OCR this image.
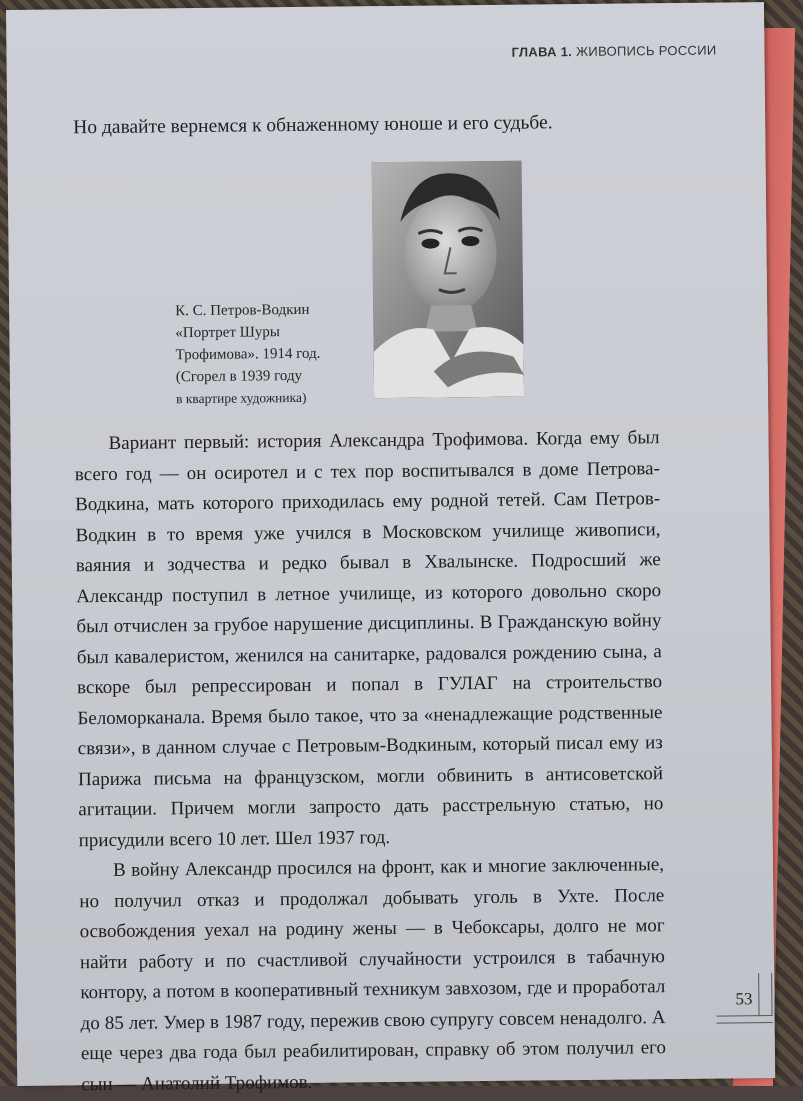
ГЛАВА 1. ЖИВОПИСЬ РОССИИ
Но давайте вернемся к обнаженному юноше и его судьбе.
К. С. Петров-Водкин
«Портрет Шуры
Трофимова». 1914 год.
(Сгорел в 1939 году
в квартире художника)

Вариант первый: история Александра Трофимова. Когда ему был всего год — он осиротел и с тех пор воспитывался в доме Петрова-Водкина, мать которого приходилась ему родной тетей. Сам Петров-Водкин в то время уже учился в Московском училище живописи, ваяния и зодчества и редко бывал в Хвалынске. Подросший же Александр поступил в летное училище, из которого довольно скоро был отчислен за грубое нарушение дисциплины. В Гражданскую войну был кавалеристом, женился на санитарке, радовался рождению сына, а вскоре был репрессирован и попал в ГУЛАГ на строительство Беломорканала. Время было такое, что за «ненадлежащие родственные связи», в данном случае с Петровым-Водкиным, который писал ему из Парижа письма на французском, могли обвинить в антисоветской агитации. Причем могли запросто дать расстрельную статью, но присудили всего 10 лет. Шел 1937 год.

В войну Александр просился на фронт, как и многие заключенные, но получил отказ и продолжал добывать уголь в Ухте. После освобождения уехал на родину жены — в Чебоксары, долго не мог найти работу и по счастливой случайности устроился в табачную контору, а потом в кооперативный техникум завхозом, где и проработал до 85 лет. Умер в 1987 году, пережив свою супругу совсем ненадолго. А еще через два года был реабилитирован, справку об этом получил его сын — Анатолий Трофимов.

53
